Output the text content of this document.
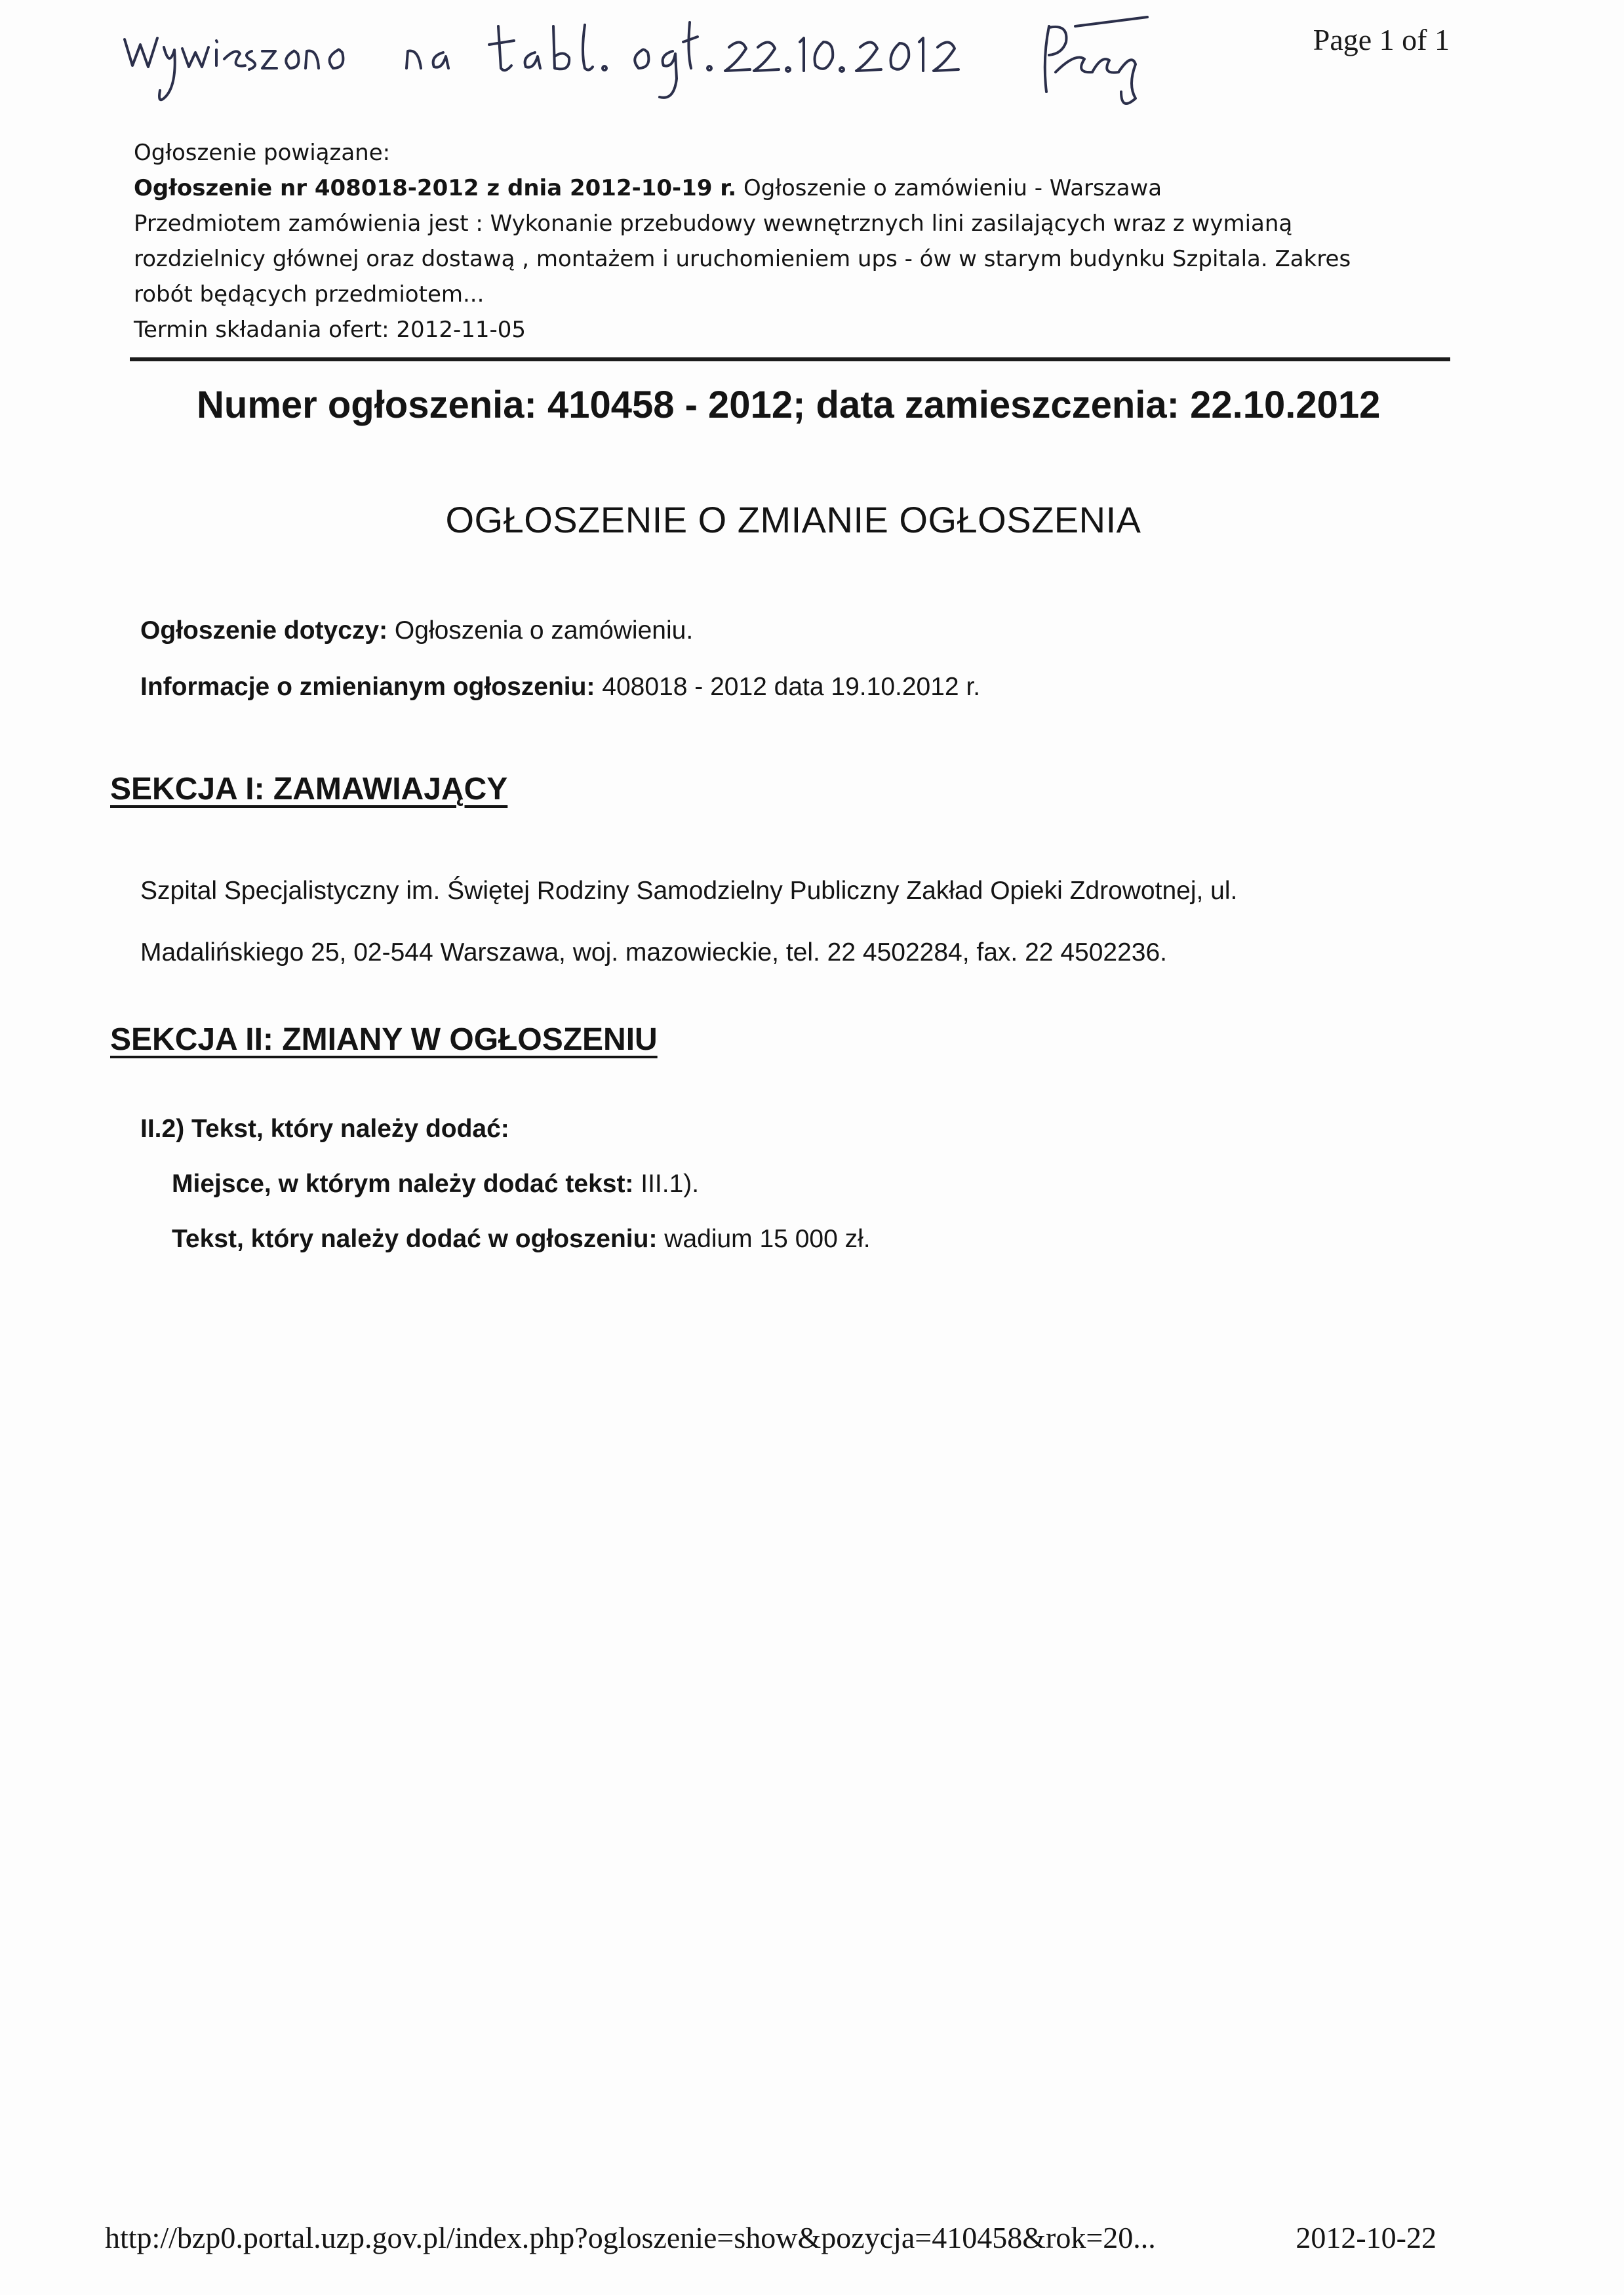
Page 1 of 1
Ogłoszenie powiązane:
Ogłoszenie nr 408018-2012 z dnia 2012-10-19 r. Ogłoszenie o zamówieniu - Warszawa
Przedmiotem zamówienia jest : Wykonanie przebudowy wewnętrznych lini zasilających wraz z wymianą
rozdzielnicy głównej oraz dostawą , montażem i uruchomieniem ups - ów w starym budynku Szpitala. Zakres
robót będących przedmiotem...
Termin składania ofert: 2012-11-05
Numer ogłoszenia: 410458 - 2012; data zamieszczenia: 22.10.2012
OGŁOSZENIE O ZMIANIE OGŁOSZENIA
Ogłoszenie dotyczy: Ogłoszenia o zamówieniu.
Informacje o zmienianym ogłoszeniu: 408018 - 2012 data 19.10.2012 r.
SEKCJA I: ZAMAWIAJĄCY
Szpital Specjalistyczny im. Świętej Rodziny Samodzielny Publiczny Zakład Opieki Zdrowotnej, ul.
Madalińskiego 25, 02-544 Warszawa, woj. mazowieckie, tel. 22 4502284, fax. 22 4502236.
SEKCJA II: ZMIANY W OGŁOSZENIU
II.2) Tekst, który należy dodać:
Miejsce, w którym należy dodać tekst: III.1).
Tekst, który należy dodać w ogłoszeniu: wadium 15 000 zł.
http://bzp0.portal.uzp.gov.pl/index.php?ogloszenie=show&pozycja=410458&rok=20...	2012-10-22
